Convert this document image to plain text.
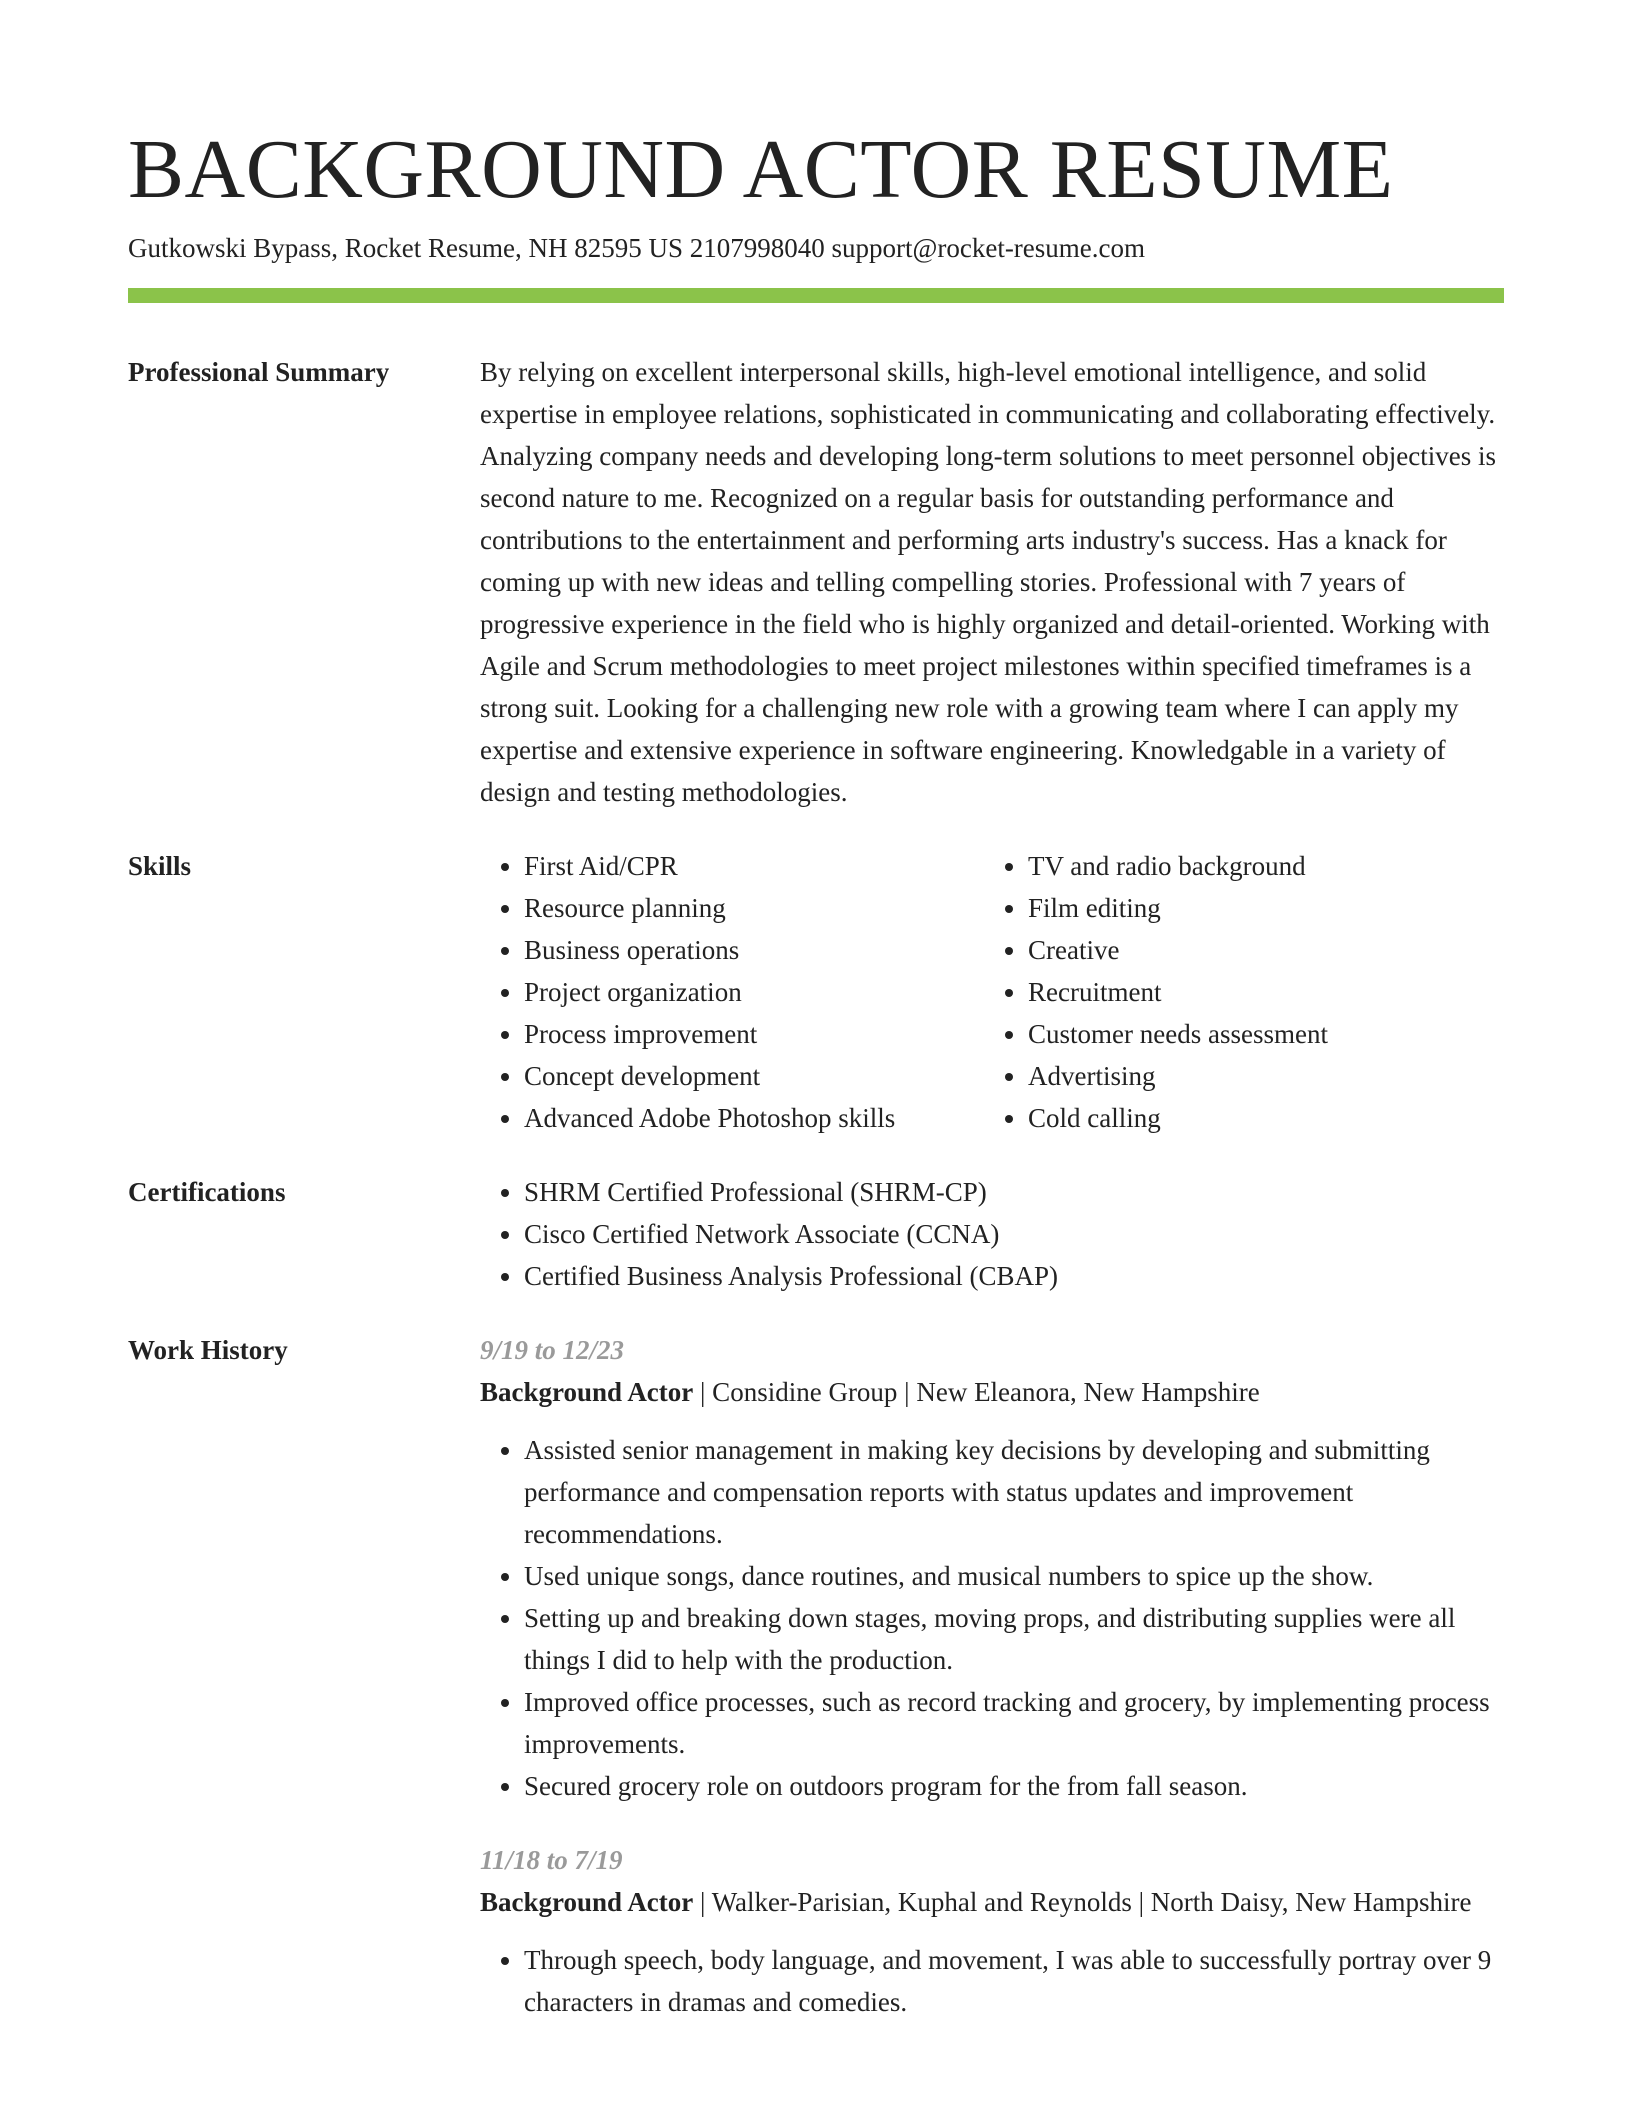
BACKGROUND ACTOR RESUME
Gutkowski Bypass, Rocket Resume, NH 82595 US 2107998040 support@rocket-resume.com
Professional Summary	By relying on excellent interpersonal skills, high-level emotional intelligence, and solid expertise in employee relations, sophisticated in communicating and collaborating effectively. Analyzing company needs and developing long-term solutions to meet personnel objectives is second nature to me. Recognized on a regular basis for outstanding performance and contributions to the entertainment and performing arts industry's success. Has a knack for coming up with new ideas and telling compelling stories. Professional with 7 years of progressive experience in the field who is highly organized and detail-oriented. Working with Agile and Scrum methodologies to meet project milestones within specified timeframes is a strong suit. Looking for a challenging new role with a growing team where I can apply my expertise and extensive experience in software engineering. Knowledgable in a variety of design and testing methodologies.
Skills	• First Aid/CPR
• Resource planning
• Business operations
• Project organization
• Process improvement
• Concept development
• Advanced Adobe Photoshop skills
• TV and radio background
• Film editing
• Creative
• Recruitment
• Customer needs assessment
• Advertising
• Cold calling
Certifications	• SHRM Certified Professional (SHRM-CP)
• Cisco Certified Network Associate (CCNA)
• Certified Business Analysis Professional (CBAP)
Work History	9/19 to 12/23
Background Actor | Considine Group | New Eleanora, New Hampshire
• Assisted senior management in making key decisions by developing and submitting performance and compensation reports with status updates and improvement recommendations.
• Used unique songs, dance routines, and musical numbers to spice up the show.
• Setting up and breaking down stages, moving props, and distributing supplies were all things I did to help with the production.
• Improved office processes, such as record tracking and grocery, by implementing process improvements.
• Secured grocery role on outdoors program for the from fall season.
11/18 to 7/19
Background Actor | Walker-Parisian, Kuphal and Reynolds | North Daisy, New Hampshire
• Through speech, body language, and movement, I was able to successfully portray over 9 characters in dramas and comedies.
